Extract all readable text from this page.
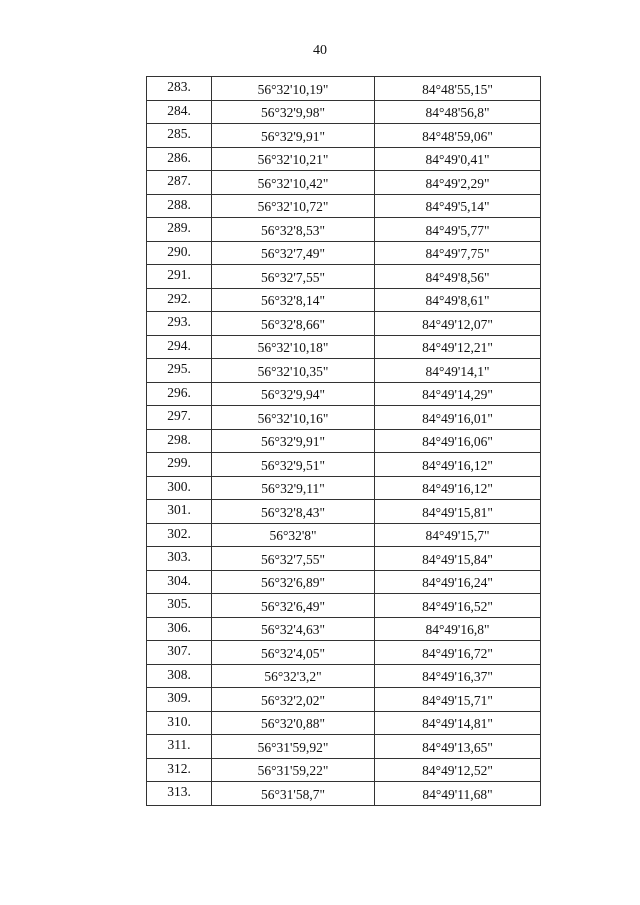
40
283.	56°32'10,19"	84°48'55,15"
284.	56°32'9,98"	84°48'56,8"
285.	56°32'9,91"	84°48'59,06"
286.	56°32'10,21"	84°49'0,41"
287.	56°32'10,42"	84°49'2,29"
288.	56°32'10,72"	84°49'5,14"
289.	56°32'8,53"	84°49'5,77"
290.	56°32'7,49"	84°49'7,75"
291.	56°32'7,55"	84°49'8,56"
292.	56°32'8,14"	84°49'8,61"
293.	56°32'8,66"	84°49'12,07"
294.	56°32'10,18"	84°49'12,21"
295.	56°32'10,35"	84°49'14,1"
296.	56°32'9,94"	84°49'14,29"
297.	56°32'10,16"	84°49'16,01"
298.	56°32'9,91"	84°49'16,06"
299.	56°32'9,51"	84°49'16,12"
300.	56°32'9,11"	84°49'16,12"
301.	56°32'8,43"	84°49'15,81"
302.	56°32'8"	84°49'15,7"
303.	56°32'7,55"	84°49'15,84"
304.	56°32'6,89"	84°49'16,24"
305.	56°32'6,49"	84°49'16,52"
306.	56°32'4,63"	84°49'16,8"
307.	56°32'4,05"	84°49'16,72"
308.	56°32'3,2"	84°49'16,37"
309.	56°32'2,02"	84°49'15,71"
310.	56°32'0,88"	84°49'14,81"
311.	56°31'59,92"	84°49'13,65"
312.	56°31'59,22"	84°49'12,52"
313.	56°31'58,7"	84°49'11,68"
